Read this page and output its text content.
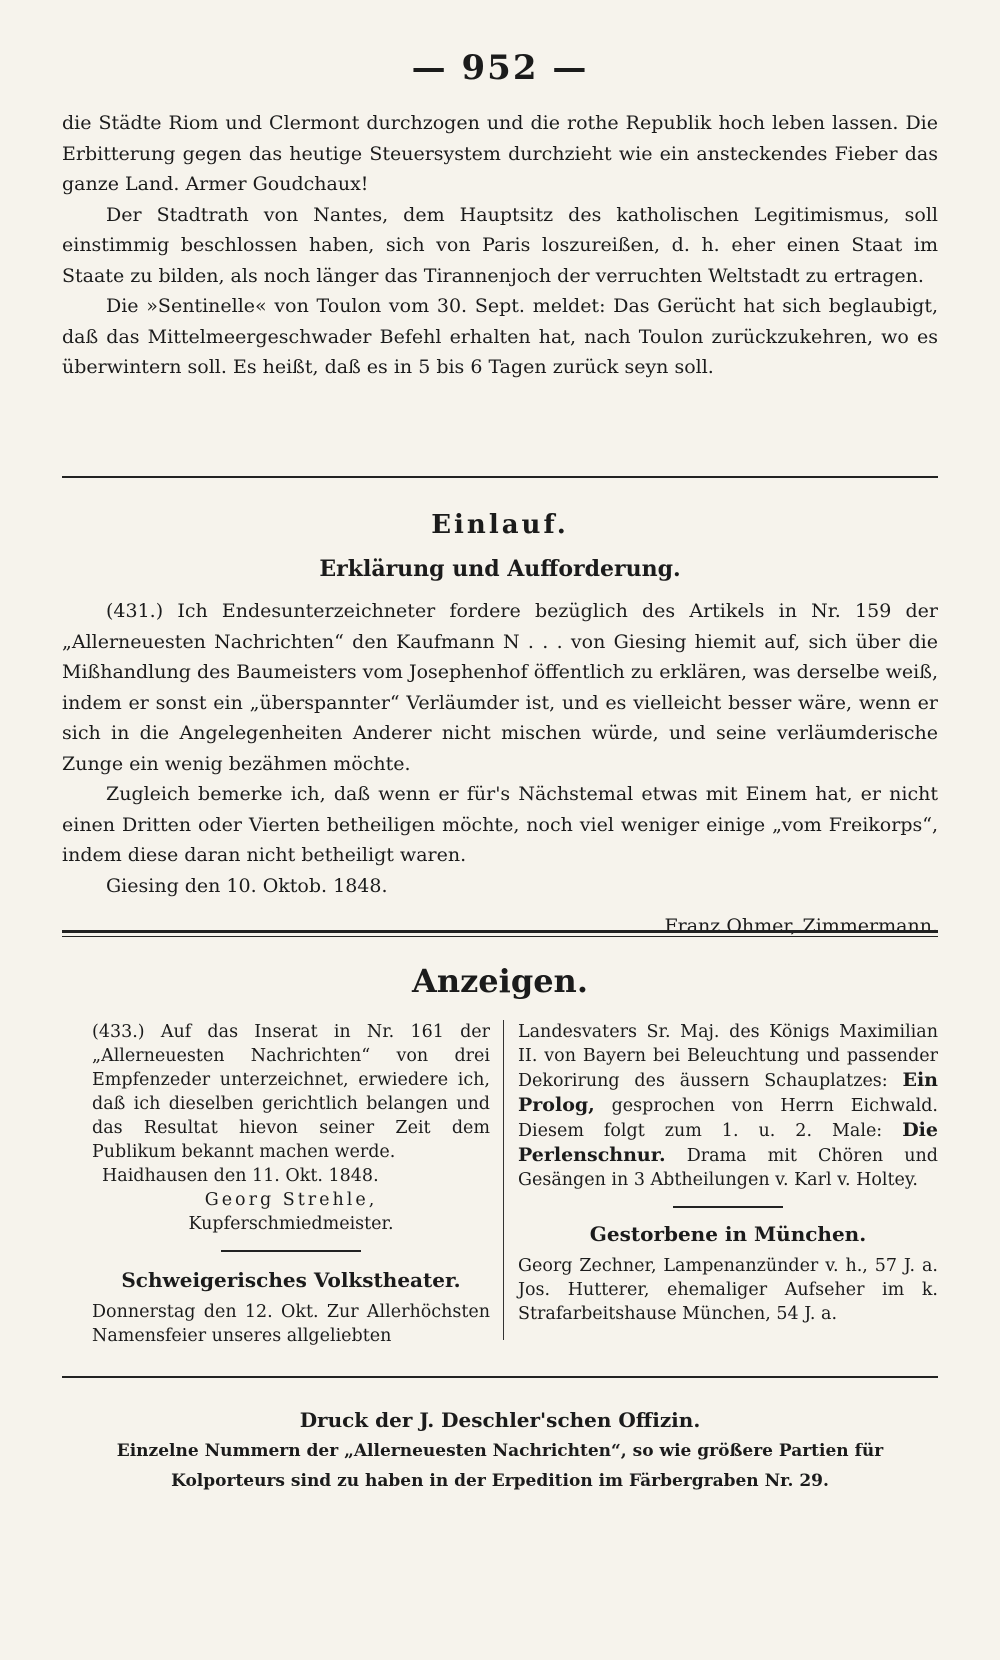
— 952 —

die Städte Riom und Clermont durchzogen und die rothe Republik hoch leben lassen. Die Erbitterung gegen das heutige Steuersystem durchzieht wie ein ansteckendes Fieber das ganze Land. Armer Goudchaux!

Der Stadtrath von Nantes, dem Hauptsitz des katholischen Legitimismus, soll einstimmig beschlossen haben, sich von Paris loszureißen, d. h. eher einen Staat im Staate zu bilden, als noch länger das Tirannenjoch der verruchten Weltstadt zu ertragen.

Die »Sentinelle« von Toulon vom 30. Sept. meldet: Das Gerücht hat sich beglaubigt, daß das Mittelmeergeschwader Befehl erhalten hat, nach Toulon zurückzukehren, wo es überwintern soll. Es heißt, daß es in 5 bis 6 Tagen zurück seyn soll.

Einlauf.
Erklärung und Aufforderung.

(431.) Ich Endesunterzeichneter fordere bezüglich des Artikels in Nr. 159 der „Allerneuesten Nachrichten“ den Kaufmann N . . . von Giesing hiemit auf, sich über die Mißhandlung des Baumeisters vom Josephenhof öffentlich zu erklären, was derselbe weiß, indem er sonst ein „überspannter“ Verläumder ist, und es vielleicht besser wäre, wenn er sich in die Angelegenheiten Anderer nicht mischen würde, und seine verläumderische Zunge ein wenig bezähmen möchte.

Zugleich bemerke ich, daß wenn er für's Nächstemal etwas mit Einem hat, er nicht einen Dritten oder Vierten betheiligen möchte, noch viel weniger einige „vom Freikorps“, indem diese daran nicht betheiligt waren.

Giesing den 10. Oktob. 1848.

Franz Ohmer, Zimmermann.

Anzeigen.

(433.) Auf das Inserat in Nr. 161 der „Allerneuesten Nachrichten“ von drei Empfenzeder unterzeichnet, erwiedere ich, daß ich dieselben gerichtlich belangen und das Resultat hievon seiner Zeit dem Publikum bekannt machen werde.

Haidhausen den 11. Okt. 1848.

Georg Strehle,

Kupferschmiedmeister.

Schweigerisches Volkstheater.

Donnerstag den 12. Okt. Zur Allerhöchsten Namensfeier unseres allgeliebten

Landesvaters Sr. Maj. des Königs Maximilian II. von Bayern bei Beleuchtung und passender Dekorirung des äussern Schauplatzes: Ein Prolog, gesprochen von Herrn Eichwald. Diesem folgt zum 1. u. 2. Male: Die Perlenschnur. Drama mit Chören und Gesängen in 3 Abtheilungen v. Karl v. Holtey.

Gestorbene in München.

Georg Zechner, Lampenanzünder v. h., 57 J. a. Jos. Hutterer, ehemaliger Aufseher im k. Strafarbeitshause München, 54 J. a.

Druck der J. Deschler'schen Offizin.

Einzelne Nummern der „Allerneuesten Nachrichten“, so wie größere Partien für

Kolporteurs sind zu haben in der Erpedition im Färbergraben Nr. 29.
